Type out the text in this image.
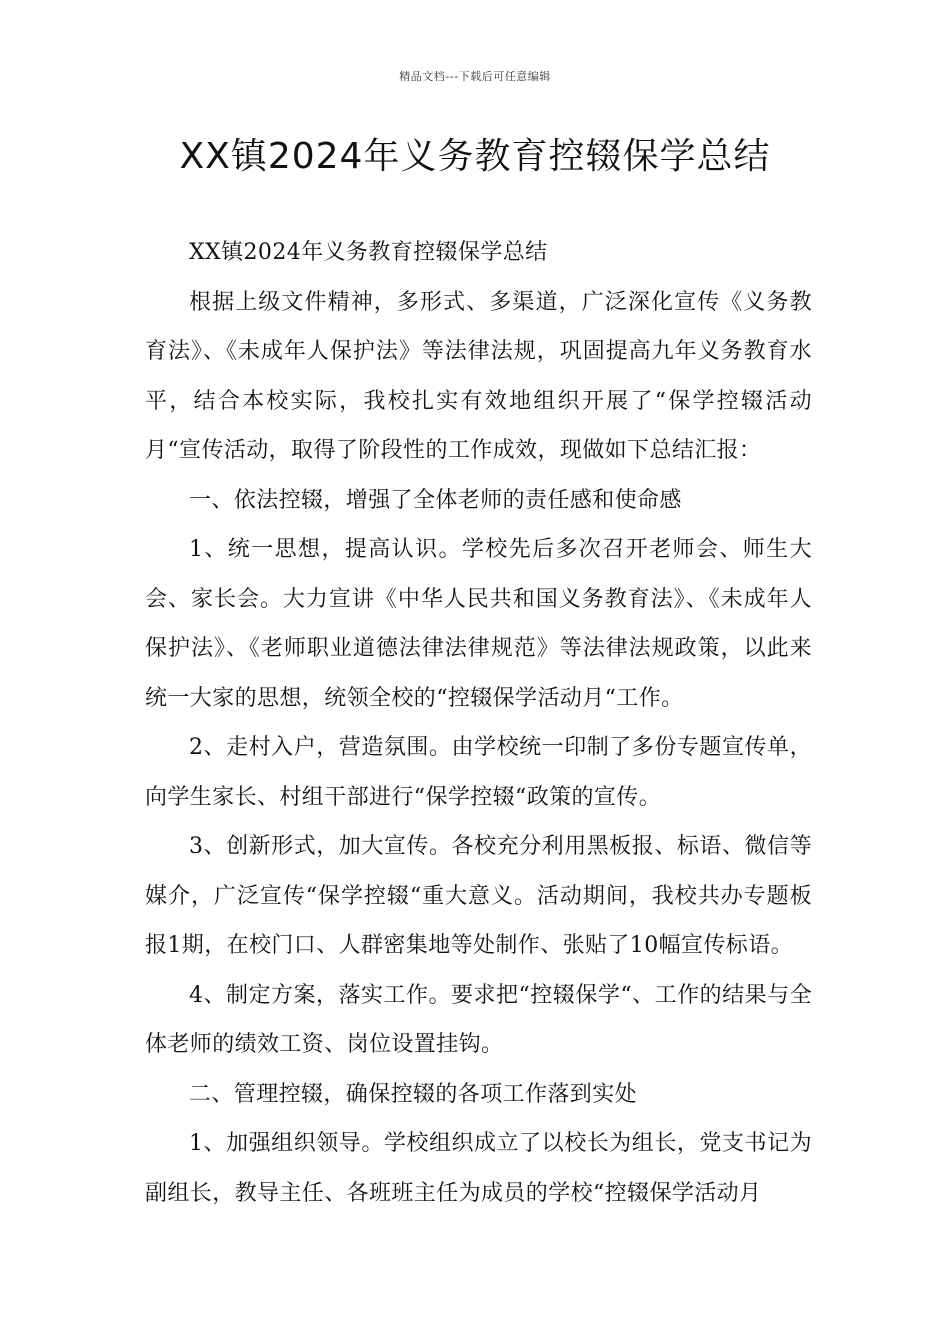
精品文档---下载后可任意编辑
XX镇2024年义务教育控辍保学总结

XX镇2024年义务教育控辍保学总结

根据上级文件精神，多形式、多渠道，广泛深化宣传《义务教育法》、《未成年人保护法》等法律法规，巩固提高九年义务教育水平，结合本校实际，我校扎实有效地组织开展了“保学控辍活动月“宣传活动，取得了阶段性的工作成效，现做如下总结汇报：

一、依法控辍，增强了全体老师的责任感和使命感

1、统一思想，提高认识。学校先后多次召开老师会、师生大会、家长会。大力宣讲《中华人民共和国义务教育法》、《未成年人保护法》、《老师职业道德法律法律规范》等法律法规政策，以此来统一大家的思想，统领全校的“控辍保学活动月“工作。

2、走村入户，营造氛围。由学校统一印制了多份专题宣传单，向学生家长、村组干部进行“保学控辍“政策的宣传。

3、创新形式，加大宣传。各校充分利用黑板报、标语、微信等媒介，广泛宣传“保学控辍“重大意义。活动期间，我校共办专题板报1期，在校门口、人群密集地等处制作、张贴了10幅宣传标语。

4、制定方案，落实工作。要求把“控辍保学“、工作的结果与全体老师的绩效工资、岗位设置挂钩。

二、管理控辍，确保控辍的各项工作落到实处

1、加强组织领导。学校组织成立了以校长为组长，党支书记为副组长，教导主任、各班班主任为成员的学校“控辍保学活动月
